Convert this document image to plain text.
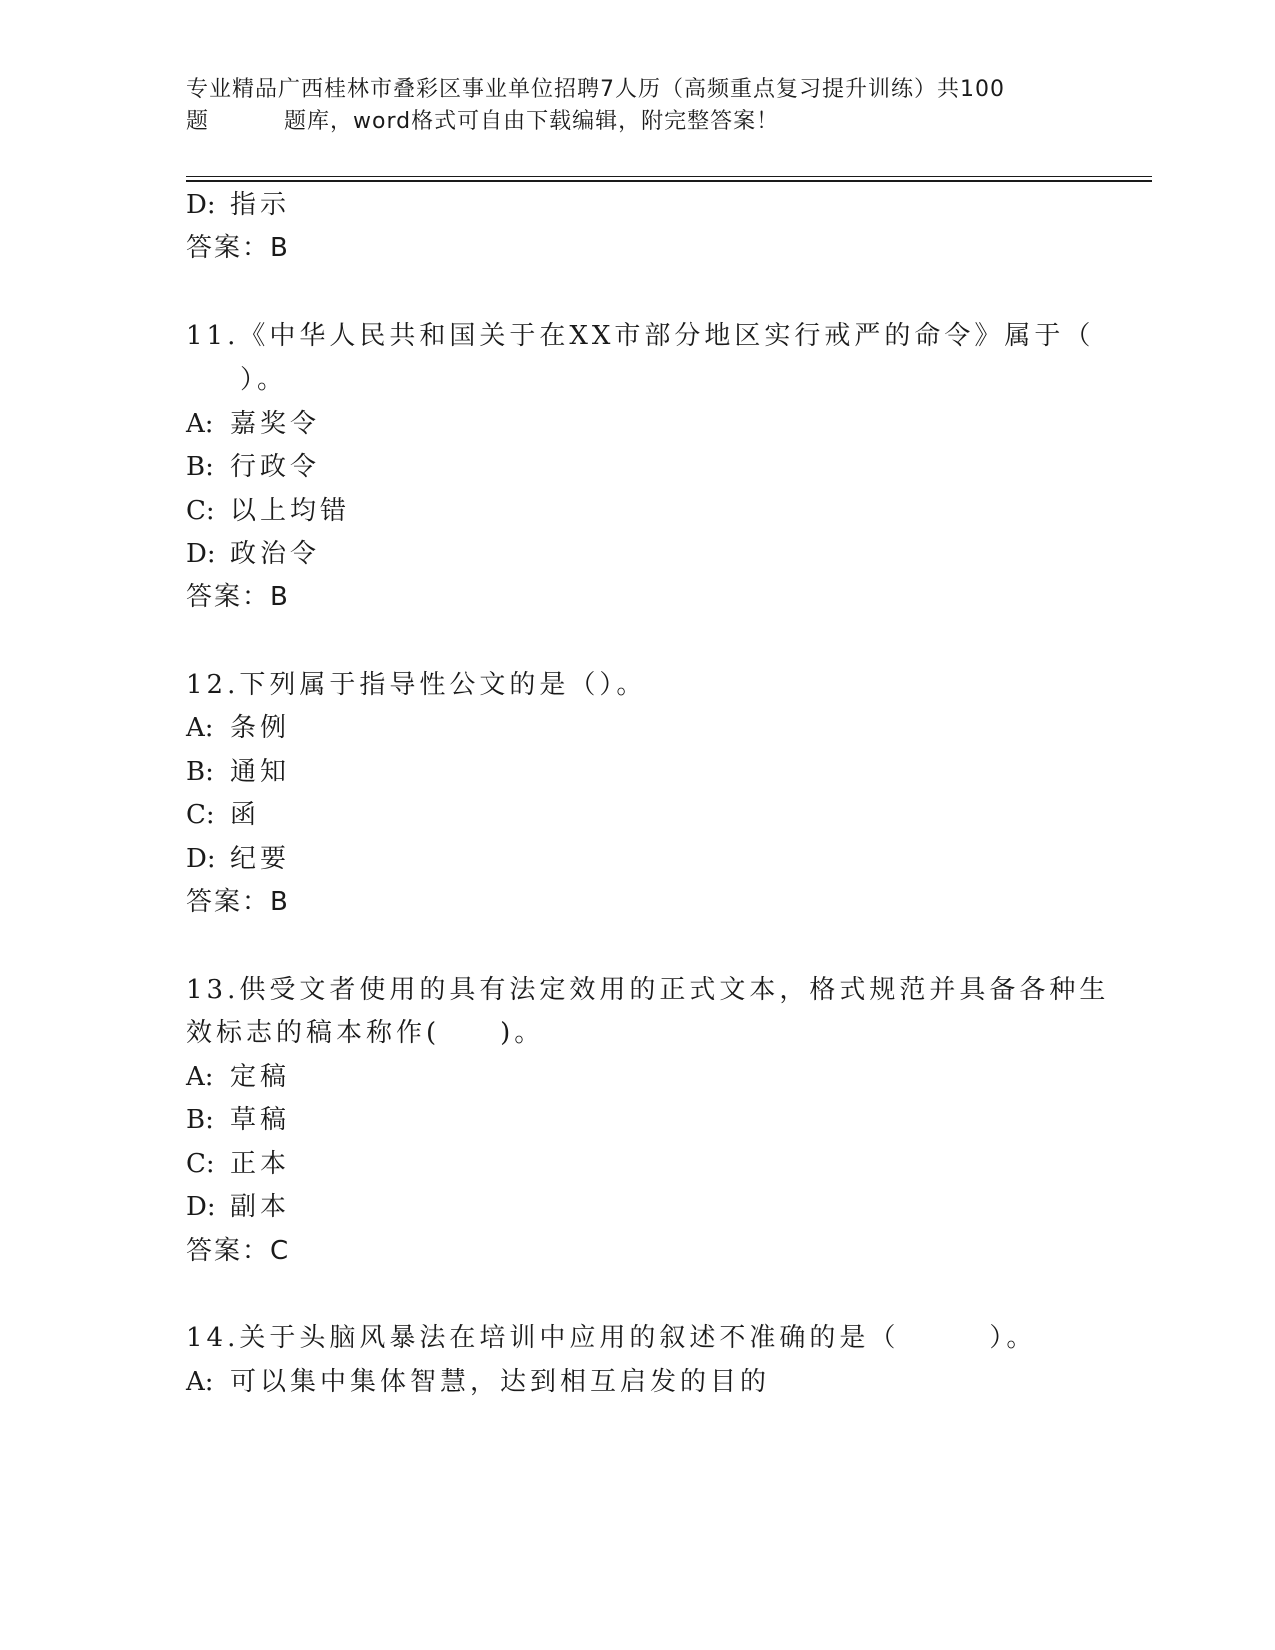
专业精品广西桂林市叠彩区事业单位招聘7人历（高频重点复习提升训练）共100
题	题库，word格式可自由下载编辑，附完整答案！
D: 指示
答案：B
11.《中华人民共和国关于在XX市部分地区实行戒严的命令》属于（
）。
A: 嘉奖令
B: 行政令
C: 以上均错
D: 政治令
答案：B
12.下列属于指导性公文的是（）。
A: 条例
B: 通知
C: 函
D: 纪要
答案：B
13.供受文者使用的具有法定效用的正式文本，格式规范并具备各种生
效标志的稿本称作(　　)。
A: 定稿
B: 草稿
C: 正本
D: 副本
答案：C
14.关于头脑风暴法在培训中应用的叙述不准确的是（　　　）。
A: 可以集中集体智慧，达到相互启发的目的
